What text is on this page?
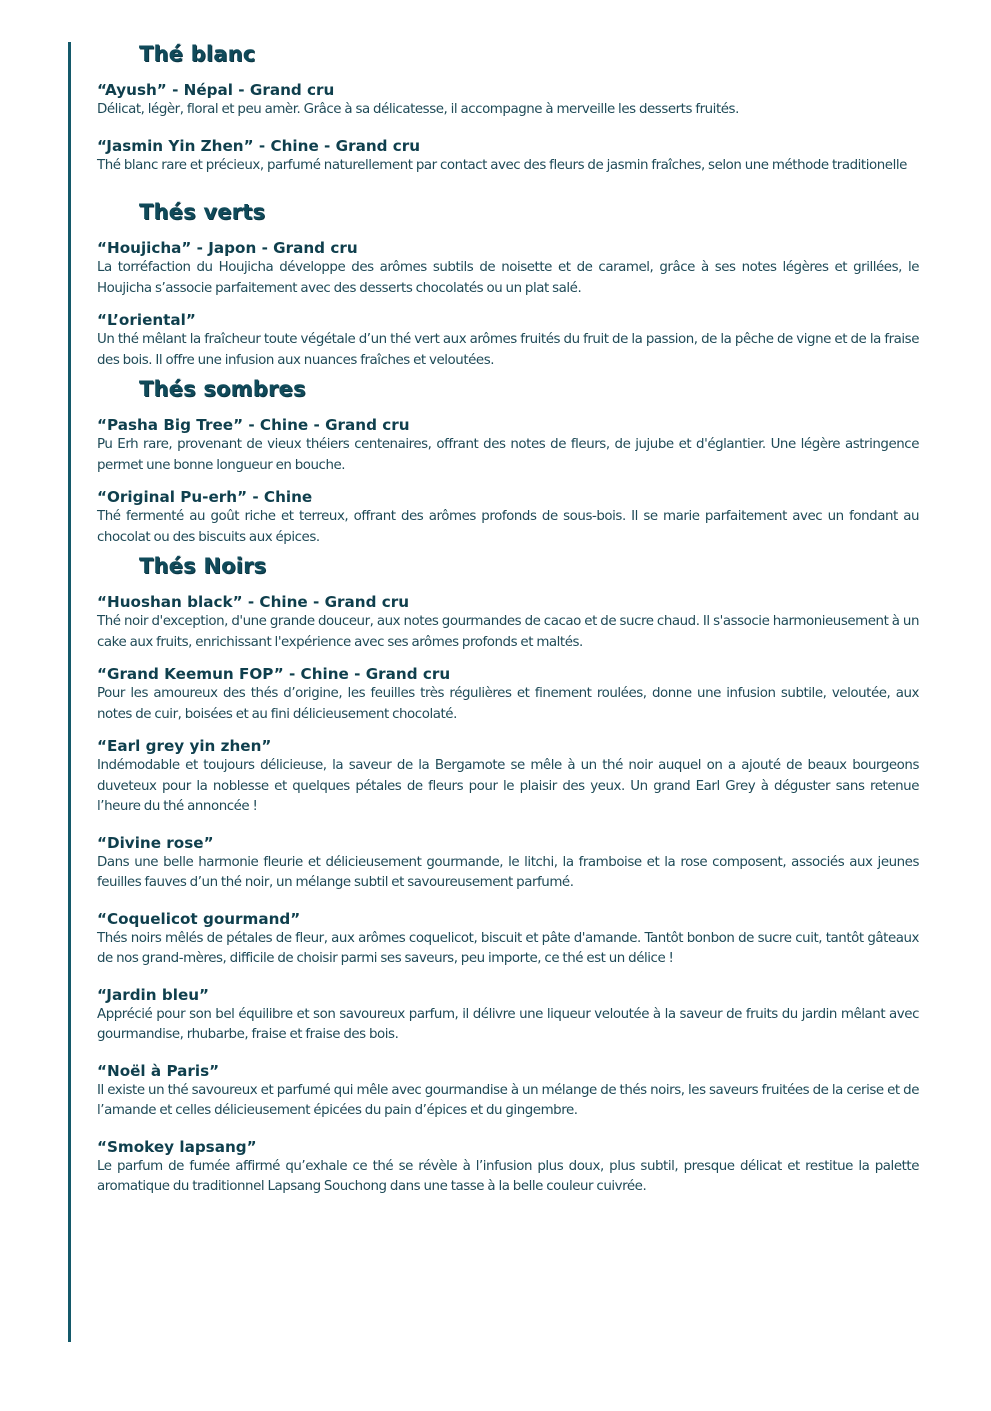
Thé blanc
“Ayush” - Népal - Grand cru
Délicat, légèr, floral et peu amèr. Grâce à sa délicatesse, il accompagne à merveille les desserts fruités.
“Jasmin Yin Zhen” - Chine - Grand cru
Thé blanc rare et précieux, parfumé naturellement par contact avec des fleurs de jasmin fraîches, selon une méthode traditionelle
Thés verts
“Houjicha” - Japon - Grand cru
La torréfaction du Houjicha développe des arômes subtils de noisette et de caramel, grâce à ses notes légères et grillées, le Houjicha s’associe parfaitement avec des desserts chocolatés ou un plat salé.
“L’oriental”
Un thé mêlant la fraîcheur toute végétale d’un thé vert aux arômes fruités du fruit de la passion, de la pêche de vigne et de la fraise des bois. Il offre une infusion aux nuances fraîches et veloutées.
Thés sombres
“Pasha Big Tree” - Chine - Grand cru
Pu Erh rare, provenant de vieux théiers centenaires, offrant des notes de fleurs, de jujube et d'églantier. Une légère astringence permet une bonne longueur en bouche.
“Original Pu-erh” - Chine
Thé fermenté au goût riche et terreux, offrant des arômes profonds de sous-bois. Il se marie parfaitement avec un fondant au chocolat ou des biscuits aux épices.
Thés Noirs
“Huoshan black” - Chine - Grand cru
Thé noir d'exception, d'une grande douceur, aux notes gourmandes de cacao et de sucre chaud. Il s'associe harmonieusement à un cake aux fruits, enrichissant l'expérience avec ses arômes profonds et maltés.
“Grand Keemun FOP” - Chine - Grand cru
Pour les amoureux des thés d’origine, les feuilles très régulières et finement roulées, donne une infusion subtile, veloutée, aux notes de cuir, boisées et au fini délicieusement chocolaté.
“Earl grey yin zhen”
Indémodable et toujours délicieuse, la saveur de la Bergamote se mêle à un thé noir auquel on a ajouté de beaux bourgeons duveteux pour la noblesse et quelques pétales de fleurs pour le plaisir des yeux. Un grand Earl Grey à déguster sans retenue l’heure du thé annoncée !
“Divine rose”
Dans une belle harmonie fleurie et délicieusement gourmande, le litchi, la framboise et la rose composent, associés aux jeunes feuilles fauves d’un thé noir, un mélange subtil et savoureusement parfumé.
“Coquelicot gourmand”
Thés noirs mêlés de pétales de fleur, aux arômes coquelicot, biscuit et pâte d'amande. Tantôt bonbon de sucre cuit, tantôt gâteaux de nos grand-mères, difficile de choisir parmi ses saveurs, peu importe, ce thé est un délice !
“Jardin bleu”
Apprécié pour son bel équilibre et son savoureux parfum, il délivre une liqueur veloutée à la saveur de fruits du jardin mêlant avec gourmandise, rhubarbe, fraise et fraise des bois.
“Noël à Paris”
Il existe un thé savoureux et parfumé qui mêle avec gourmandise à un mélange de thés noirs, les saveurs fruitées de la cerise et de l’amande et celles délicieusement épicées du pain d’épices et du gingembre.
“Smokey lapsang”
Le parfum de fumée affirmé qu’exhale ce thé se révèle à l’infusion plus doux, plus subtil, presque délicat et restitue la palette aromatique du traditionnel Lapsang Souchong dans une tasse à la belle couleur cuivrée.
